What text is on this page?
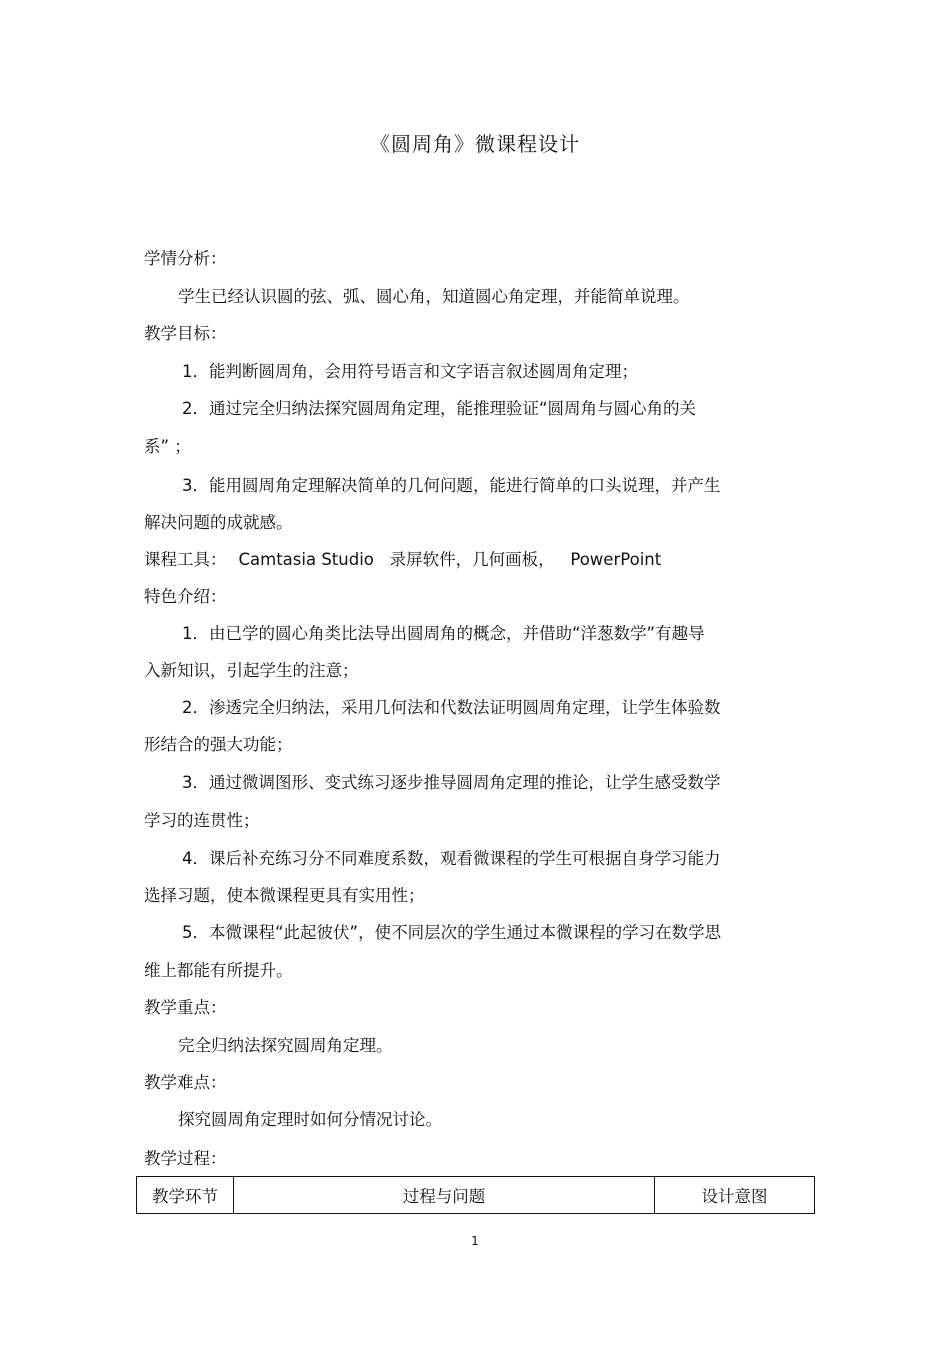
《圆周角》微课程设计
学情分析：
学生已经认识圆的弦、弧、圆心角，知道圆心角定理，并能简单说理。
教学目标：
1．能判断圆周角，会用符号语言和文字语言叙述圆周角定理；
2．通过完全归纳法探究圆周角定理，能推理验证“圆周角与圆心角的关
系” ；
3．能用圆周角定理解决简单的几何问题，能进行简单的口头说理，并产生
解决问题的成就感。
课程工具： Camtasia Studio   录屏软件，几何画板，   PowerPoint
特色介绍：
1．由已学的圆心角类比法导出圆周角的概念，并借助“洋葱数学”有趣导
入新知识，引起学生的注意；
2．渗透完全归纳法，采用几何法和代数法证明圆周角定理，让学生体验数
形结合的强大功能；
3．通过微调图形、变式练习逐步推导圆周角定理的推论，让学生感受数学
学习的连贯性；
4．课后补充练习分不同难度系数，观看微课程的学生可根据自身学习能力
选择习题，使本微课程更具有实用性；
5．本微课程“此起彼伏”，使不同层次的学生通过本微课程的学习在数学思
维上都能有所提升。
教学重点：
完全归纳法探究圆周角定理。
教学难点：
探究圆周角定理时如何分情况讨论。
教学过程：
教学环节	过程与问题	设计意图
1
